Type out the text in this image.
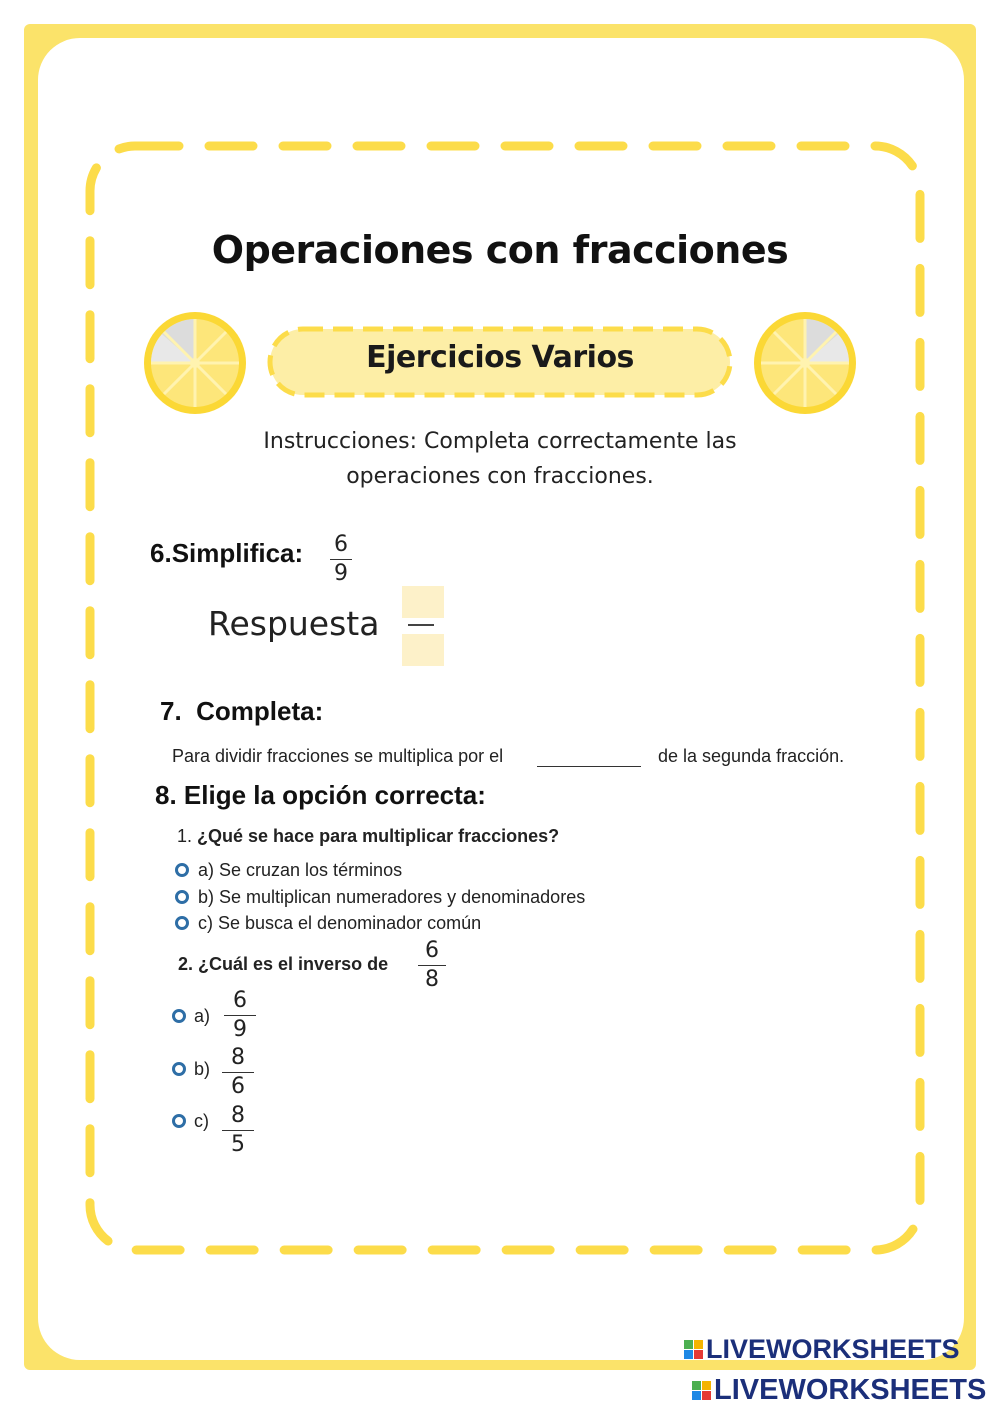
Operaciones con fracciones
Ejercicios Varios
Instrucciones: Completa correctamente las
operaciones con fracciones.
6.Simplifica: 6
9
Respuesta
7. Completa:
Para dividir fracciones se multiplica por el	de la segunda fracción.
8. Elige la opción correcta:
1. ¿Qué se hace para multiplicar fracciones?
a) Se cruzan los términos
b) Se multiplican numeradores y denominadores
c) Se busca el denominador común
2. ¿Cuál es el inverso de
6
8
a)
6
9
b) 8
6
c) 8
5
LIVEWORKSHEETS
LIVEWORKSHEETS
